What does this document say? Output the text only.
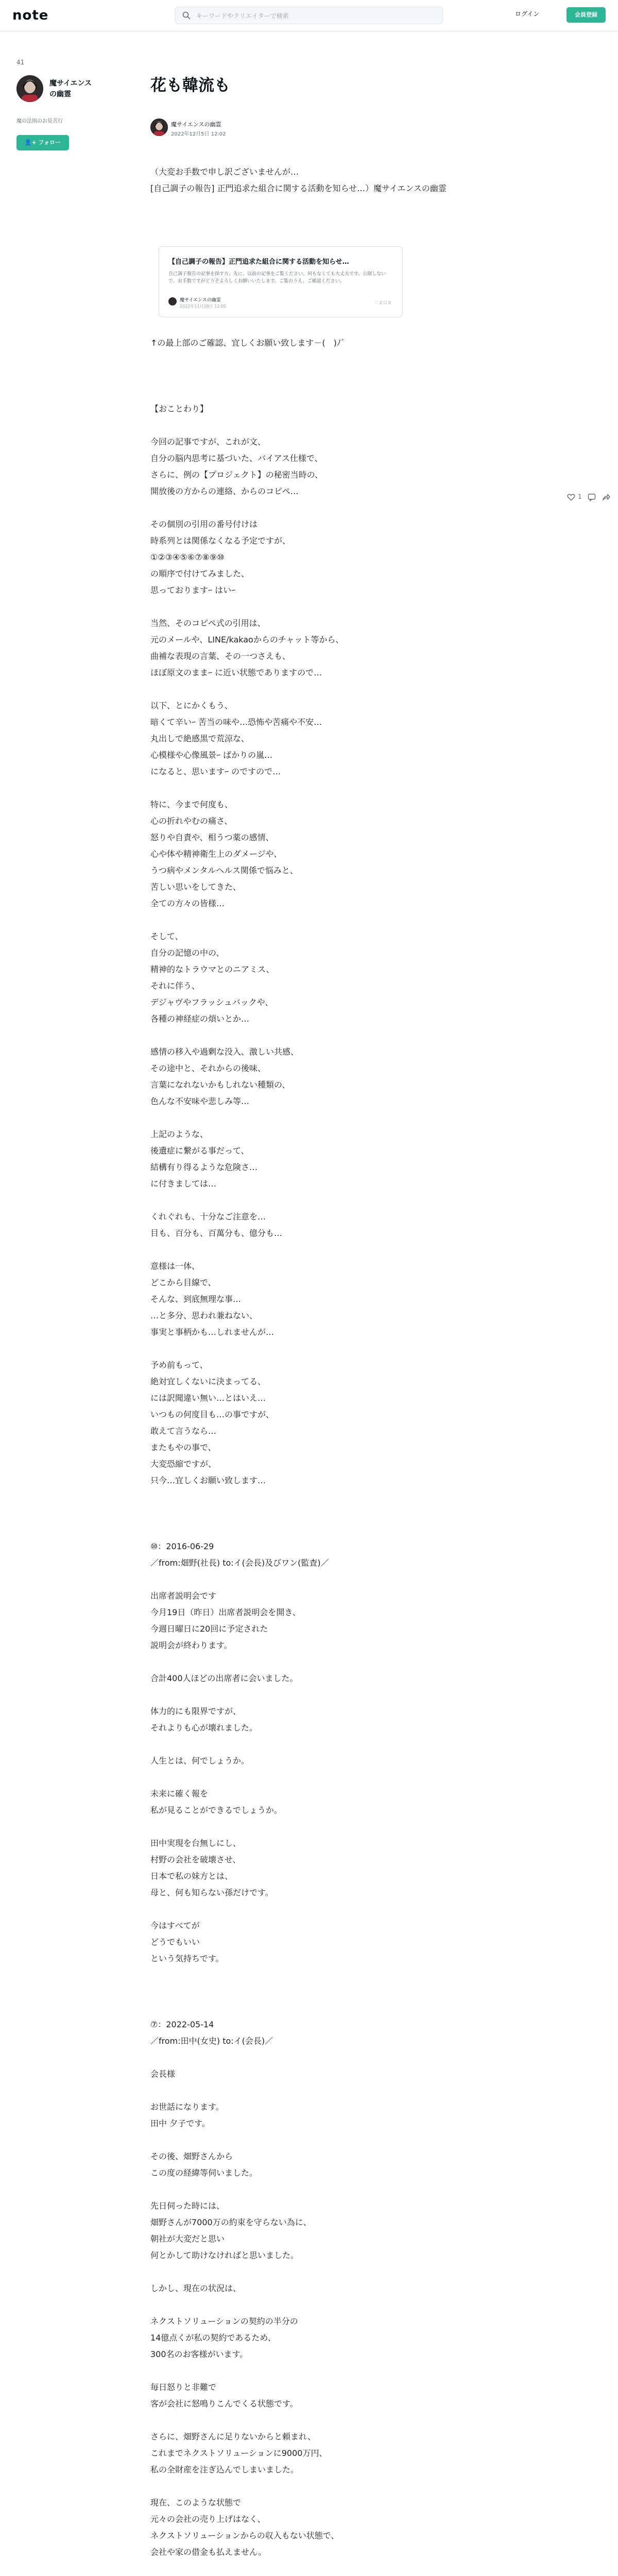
note
キーワードやクリエイターで検索	ログイン	会員登録
41
魔サイエンスの幽霊
魔の法則のお見苦行
👤+ フォロー
花も韓流も
魔サイエンスの幽霊
2022年12月5日 12:02

（大変お手数で申し訳ございませんが…
[自己調子の報告] 正門追求た組合に関する活動を知らせ…）魔サイエンスの幽霊

【自己調子の報告】正門追求た組合に関する活動を知らせ…
自己調子報告の記事を探す方、先に、以前の記事をご覧ください。何もなくても大丈夫です。公開しないで、お手数ですがどうぞよろしくお願いいたします。ご覧のうえ、ご確認ください。
魔サイエンスの幽霊
2022年11月28日 12:02
♡ 2 ☐ 0
1

↑の最上部のご確認、宜しくお願い致します－(　)ﾉ゛

【おことわり】

今回の記事ですが、これが文、
自分の脳内思考に基づいた、バイアス仕様で、
さらに、例の【プロジェクト】の秘密当時の、
開放後の方からの連絡、からのコピペ…

その個別の引用の番号付けは
時系列とは関係なくなる予定ですが、
①②③④⑤⑥⑦⑧⑨⑩
の順序で付けてみました、
思っておりますｰ はいｰ

当然、そのコピペ式の引用は、
元のメールや、LINE/kakaoからのチャット等から、
曲補な表現の言葉、その一つさえも、
ほぼ原文のままｰ に近い状態でありますので…

以下、とにかくもう、
暗くて辛いｰ 苦当の味や…恐怖や苦痛や不安…
丸出しで絶感黒で荒涼な、
心模様や心像風景ｰ ばかりの嵐…
になると、思いますｰ のですので…

特に、今まで何度も、
心の折れやむの痛さ、
怒りや自責や、相うつ薬の感情、
心や体や精神衛生上のダメージや、
うつ病やメンタルヘルス関係で悩みと、
苦しい思いをしてきた、
全ての方々の皆様…

そして、
自分の記憶の中の、
精神的なトラウマとのニアミス、
それに伴う、
デジャヴやフラッシュバックや、
各種の神経症の煩いとか…

感情の移入や過剰な没入、激しい共感、
その途中と、それからの後味、
言葉になれないかもしれない種類の、
色んな不安味や悲しみ等…

上記のような、
後遺症に繋がる事だって、
結構有り得るような危険さ…
に付きましては…

くれぐれも、十分なご注意を…
目も、百分も、百萬分も、億分も…

意様は一体、
どこから目線で、
そんな、到底無理な事…
…と多分、思われ兼ねない、
事実と事柄かも…しれませんが…

予め前もって、
絶対宜しくないに決まってる、
には訳聞違い無い…とはいえ…
いつもの何度目も…の事ですが、
敢えて言うなら…
またもやの事で、
大変恐縮ですが、
只今…宜しくお願い致します…

⑩：2016-06-29
／from:畑野(社長) to:イ(会長)及びワン(監査)／

出席者説明会です
今月19日（昨日）出席者説明会を開き、
今週日曜日に20回に予定された
説明会が終わります。

合計400人ほどの出席者に会いました。

体力的にも限界ですが、
それよりも心が壊れました。

人生とは、何でしょうか。

未来に確く報を
私が見ることができるでしょうか。

田中実現を台無しにし、
村野の会社を破壊させ、
日本で私の妹方とは、
母と、何も知らない孫だけです。

今はすべてが
どうでもいい
という気持ちです。

⑦：2022-05-14
／from:田中(女史) to:イ(会長)／

会長様

お世話になります。
田中 夕子です。

その後、畑野さんから
この度の経緯等伺いました。

先日伺った時には、
畑野さんが7000万の約束を守らない為に、
朝社が大変だと思い
何とかして助けなければと思いました。

しかし、現在の状況は、

ネクストソリューションの契約の半分の
14億点くが私の契約であるため、
300名のお客様がいます。

毎日怒りと非難で
客が会社に怒鳴りこんでくる状態です。

さらに、畑野さんに足りないからと頼まれ、
これまでネクストソリューションに9000万円、
私の全財産を注ぎ込んでしまいました。

現在、このような状態で
元々の会社の売り上げはなく、
ネクストソリューションからの収入もない状態で、
会社や家の借金も払えません。
